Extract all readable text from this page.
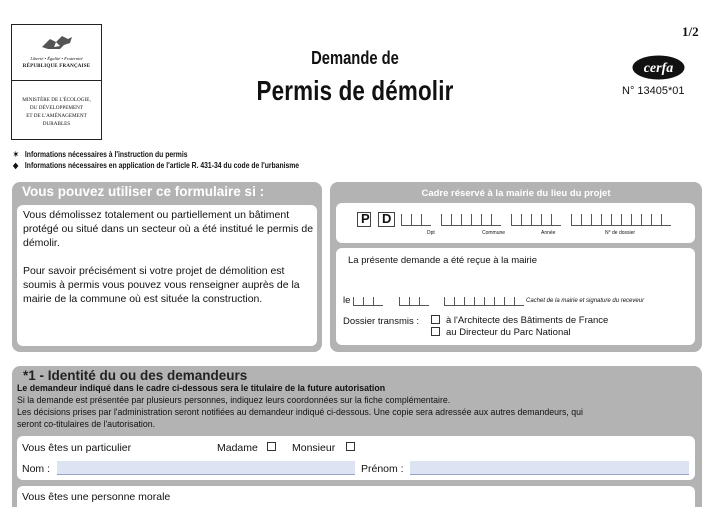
Liberté • Égalité • Fraternité
RÉPUBLIQUE FRANÇAISE
MINISTÈRE DE L'ÉCOLOGIE,
DU DÉVELOPPEMENT
ET DE L'AMÉNAGEMENT
DURABLES
Demande de
Permis de démolir
1/2
cerfa
N° 13405*01
✶ Informations nécessaires à l'instruction du permis
◆ Informations nécessaires en application de l'article R. 431-34 du code de l'urbanisme
Vous pouvez utiliser ce formulaire si :

Vous démolissez totalement ou partiellement un bâtiment protégé ou situé dans un secteur où a été institué le permis de démolir.

Pour savoir précisément si votre projet de démolition est soumis à permis vous pouvez vous renseigner auprès de la mairie de la commune où est située la construction.

Cadre réservé à la mairie du lieu du projet
P D
Dpt	Commune	Année	N° de dossier
La présente demande a été reçue à la mairie
le	Cachet de la mairie et signature du receveur
Dossier transmis :	à l'Architecte des Bâtiments de France
au Directeur du Parc National
*1 - Identité du ou des demandeurs
Le demandeur indiqué dans le cadre ci-dessous sera le titulaire de la future autorisation
Si la demande est présentée par plusieurs personnes, indiquez leurs coordonnées sur la fiche complémentaire.
Les décisions prises par l'administration seront notifiées au demandeur indiqué ci-dessous. Une copie sera adressée aux autres demandeurs, qui
seront co-titulaires de l'autorisation.
Vous êtes un particulier	Madame	Monsieur
Nom :	Prénom :
Vous êtes une personne morale
